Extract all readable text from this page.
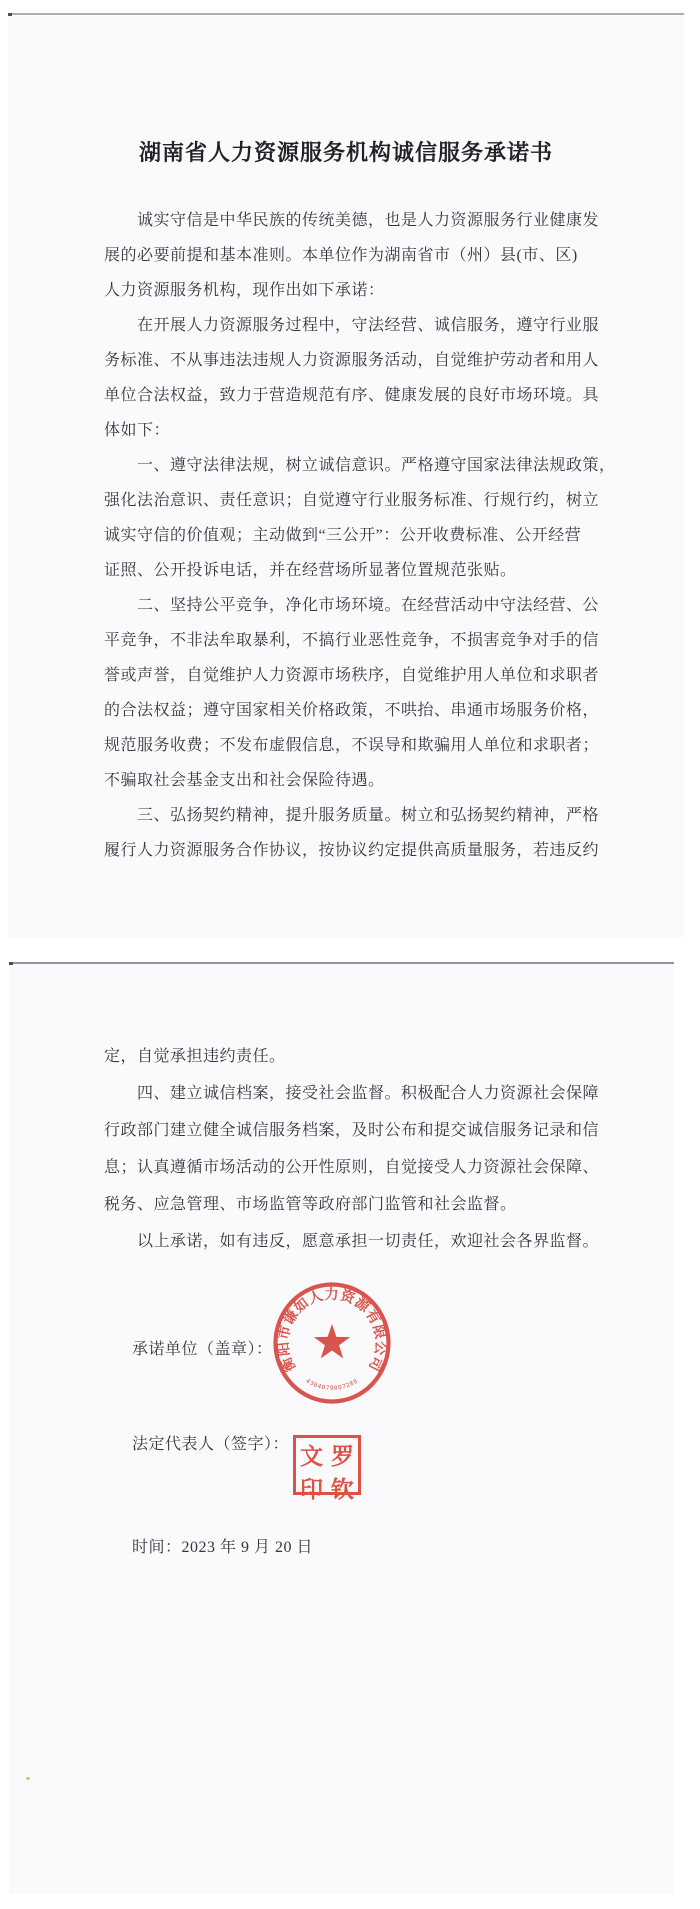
湖南省人力资源服务机构诚信服务承诺书
　　诚实守信是中华民族的传统美德，也是人力资源服务行业健康发
展的必要前提和基本准则。本单位作为湖南省市（州）县(市、区)
人力资源服务机构，现作出如下承诺：
　　在开展人力资源服务过程中，守法经营、诚信服务，遵守行业服
务标准、不从事违法违规人力资源服务活动，自觉维护劳动者和用人
单位合法权益，致力于营造规范有序、健康发展的良好市场环境。具
体如下：
　　一、遵守法律法规，树立诚信意识。严格遵守国家法律法规政策，
强化法治意识、责任意识；自觉遵守行业服务标准、行规行约，树立
诚实守信的价值观；主动做到“三公开”：公开收费标准、公开经营
证照、公开投诉电话，并在经营场所显著位置规范张贴。
　　二、坚持公平竞争，净化市场环境。在经营活动中守法经营、公
平竞争，不非法牟取暴利，不搞行业恶性竞争，不损害竞争对手的信
誉或声誉，自觉维护人力资源市场秩序，自觉维护用人单位和求职者
的合法权益；遵守国家相关价格政策，不哄抬、串通市场服务价格，
规范服务收费；不发布虚假信息，不误导和欺骗用人单位和求职者；
不骗取社会基金支出和社会保险待遇。
　　三、弘扬契约精神，提升服务质量。树立和弘扬契约精神，严格
履行人力资源服务合作协议，按协议约定提供高质量服务，若违反约
定，自觉承担违约责任。
　　四、建立诚信档案，接受社会监督。积极配合人力资源社会保障
行政部门建立健全诚信服务档案，及时公布和提交诚信服务记录和信
息；认真遵循市场活动的公开性原则，自觉接受人力资源社会保障、
税务、应急管理、市场监管等政府部门监管和社会监督。
　　以上承诺，如有违反，愿意承担一切责任，欢迎社会各界监督。
承诺单位（盖章）：
衡阳市谦如人力资源有限公司
4304079007288
法定代表人（签字）： 文 罗
印 钦
时间：2023 年 9 月 20 日
